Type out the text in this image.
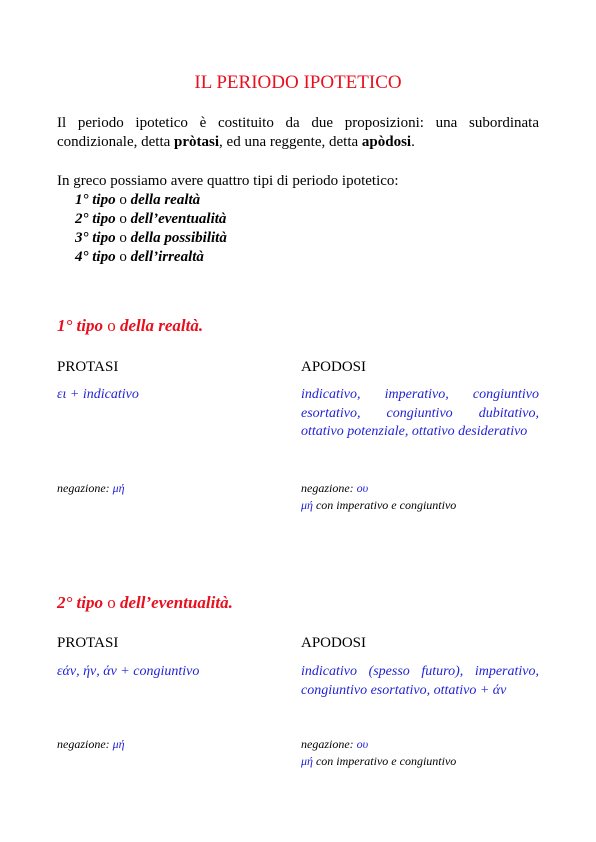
IL PERIODO IPOTETICO

Il periodo ipotetico è costituito da due proposizioni: una subordinata condizionale, detta pròtasi, ed una reggente, detta apòdosi.

In greco possiamo avere quattro tipi di periodo ipotetico:

1° tipo o della realtà
2° tipo o dell’eventualità
3° tipo o della possibilità
4° tipo o dell’irrealtà
1° tipo o della realtà.

PROTASI	APODOSI

ει + indicativo	indicativo, imperativo, congiuntivo esortativo, congiuntivo dubitativo, ottativo potenziale, ottativo desiderativo

negazione: μή	negazione: ου
μή con imperativo e congiuntivo

2° tipo o dell’eventualità.

PROTASI	APODOSI

εάν, ήν, άν + congiuntivo	indicativo (spesso futuro), imperativo, congiuntivo esortativo, ottativo + άν

negazione: μή	negazione: ου
μή con imperativo e congiuntivo
